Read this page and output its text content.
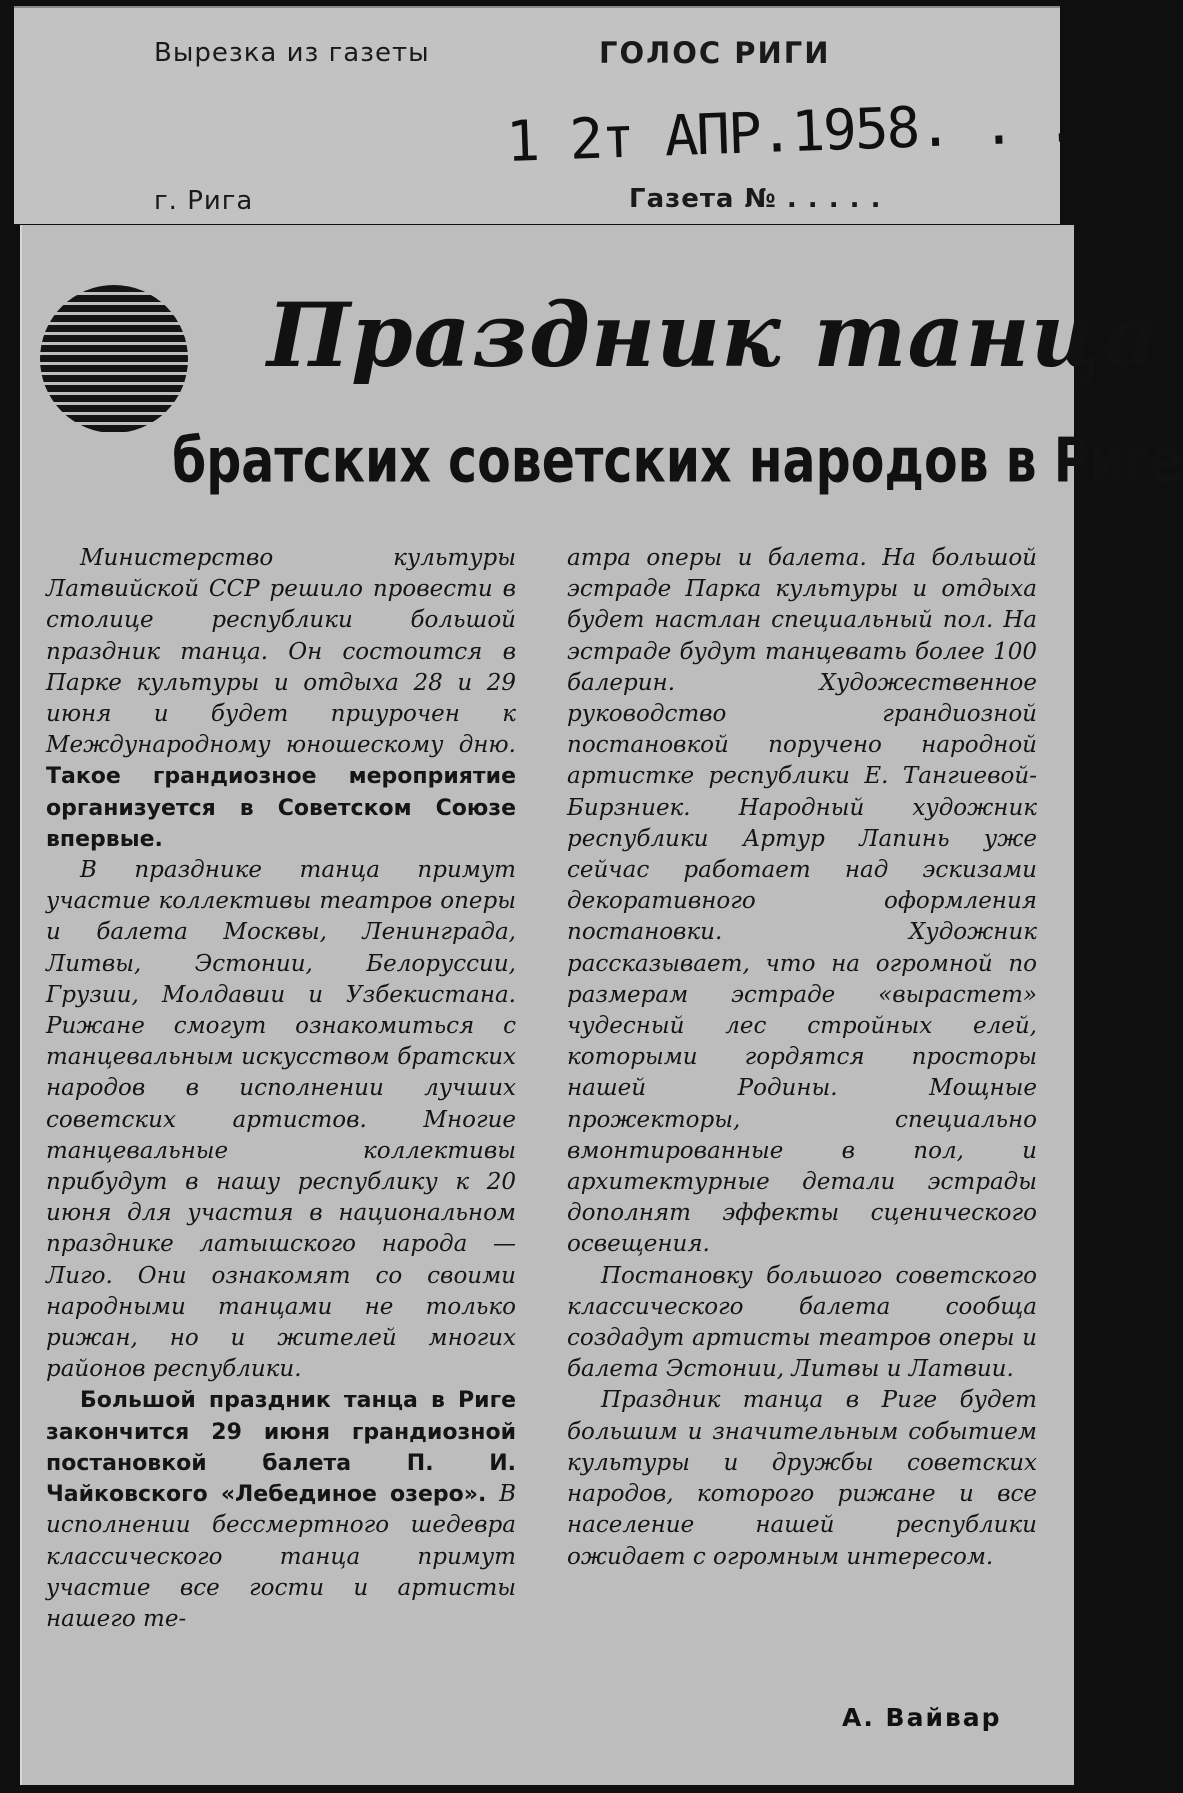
Вырезка из газеты	ГОЛОС РИГИ
1 2т АПР.1958. . .
г. Рига	Газета № . . . . .
Праздник танца
братских советских народов в Риге

Министерство культуры Латвийской ССР решило провести в столице республики большой праздник танца. Он состоится в Парке культуры и отдыха 28 и 29 июня и будет приурочен к Международному юношескому дню. Такое грандиозное мероприятие организуется в Советском Союзе впервые.

В празднике танца примут участие коллективы театров оперы и балета Москвы, Ленинграда, Литвы, Эстонии, Белоруссии, Грузии, Молдавии и Узбекистана. Рижане смогут ознакомиться с танцевальным искусством братских народов в исполнении лучших советских артистов. Многие танцевальные коллективы прибудут в нашу республику к 20 июня для участия в национальном празднике латышского народа — Лиго. Они ознакомят со своими народными танцами не только рижан, но и жителей многих районов республики.

Большой праздник танца в Риге закончится 29 июня грандиозной постановкой балета П. И. Чайковского «Лебединое озеро». В исполнении бессмертного шедевра классического танца примут участие все гости и артисты нашего те-

атра оперы и балета. На большой эстраде Парка культуры и отдыха будет настлан специальный пол. На эстраде будут танцевать более 100 балерин. Художественное руководство грандиозной постановкой поручено народной артистке республики Е. Тангиевой-Бирзниек. Народный художник республики Артур Лапинь уже сейчас работает над эскизами декоративного оформления постановки. Художник рассказывает, что на огромной по размерам эстраде «вырастет» чудесный лес стройных елей, которыми гордятся просторы нашей Родины. Мощные прожекторы, специально вмонтированные в пол, и архитектурные детали эстрады дополнят эффекты сценического освещения.

Постановку большого советского классического балета сообща создадут артисты театров оперы и балета Эстонии, Литвы и Латвии.

Праздник танца в Риге будет большим и значительным событием культуры и дружбы советских народов, которого рижане и все население нашей республики ожидает с огромным интересом.

А. Вайвар
